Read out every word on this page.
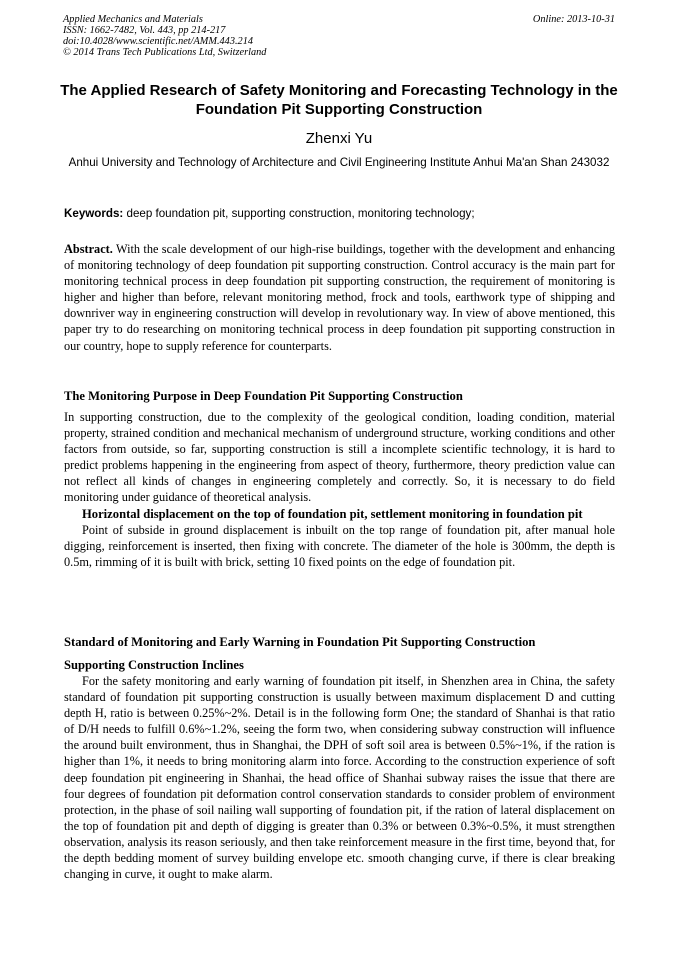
Applied Mechanics and Materials
ISSN: 1662-7482, Vol. 443, pp 214-217
doi:10.4028/www.scientific.net/AMM.443.214
© 2014 Trans Tech Publications Ltd, Switzerland
Online: 2013-10-31
The Applied Research of Safety Monitoring and Forecasting Technology in the Foundation Pit Supporting Construction
Zhenxi Yu
Anhui University and Technology of Architecture and Civil Engineering Institute Anhui Ma'an Shan 243032
Keywords: deep foundation pit, supporting construction, monitoring technology;

Abstract. With the scale development of our high-rise buildings, together with the development and enhancing of monitoring technology of deep foundation pit supporting construction. Control accuracy is the main part for monitoring technical process in deep foundation pit supporting construction, the requirement of monitoring is higher and higher than before, relevant monitoring method, frock and tools, earthwork type of shipping and downriver way in engineering construction will develop in revolutionary way. In view of above mentioned, this paper try to do researching on monitoring technical process in deep foundation pit supporting construction in our country, hope to supply reference for counterparts.

The Monitoring Purpose in Deep Foundation Pit Supporting Construction

In supporting construction, due to the complexity of the geological condition, loading condition, material property, strained condition and mechanical mechanism of underground structure, working conditions and other factors from outside, so far, supporting construction is still a incomplete scientific technology, it is hard to predict problems happening in the engineering from aspect of theory, furthermore, theory prediction value can not reflect all kinds of changes in engineering completely and correctly. So, it is necessary to do field monitoring under guidance of theoretical analysis.

Horizontal displacement on the top of foundation pit, settlement monitoring in foundation pit

Point of subside in ground displacement is inbuilt on the top range of foundation pit, after manual hole digging, reinforcement is inserted, then fixing with concrete. The diameter of the hole is 300mm, the depth is 0.5m, rimming of it is built with brick, setting 10 fixed points on the edge of foundation pit.

Standard of Monitoring and Early Warning in Foundation Pit Supporting Construction
Supporting Construction Inclines

For the safety monitoring and early warning of foundation pit itself, in Shenzhen area in China, the safety standard of foundation pit supporting construction is usually between maximum displacement D and cutting depth H, ratio is between 0.25%~2%. Detail is in the following form One; the standard of Shanhai is that ratio of D/H needs to fulfill 0.6%~1.2%, seeing the form two, when considering subway construction will influence the around built environment, thus in Shanghai, the DPH of soft soil area is between 0.5%~1%, if the ration is higher than 1%, it needs to bring monitoring alarm into force. According to the construction experience of soft deep foundation pit engineering in Shanhai, the head office of Shanhai subway raises the issue that there are four degrees of foundation pit deformation control conservation standards to consider problem of environment protection, in the phase of soil nailing wall supporting of foundation pit, if the ration of lateral displacement on the top of foundation pit and depth of digging is greater than 0.3% or between 0.3%~0.5%, it must strengthen observation, analysis its reason seriously, and then take reinforcement measure in the first time, beyond that, for the depth bedding moment of survey building envelope etc. smooth changing curve, if there is clear breaking changing in curve, it ought to make alarm.
